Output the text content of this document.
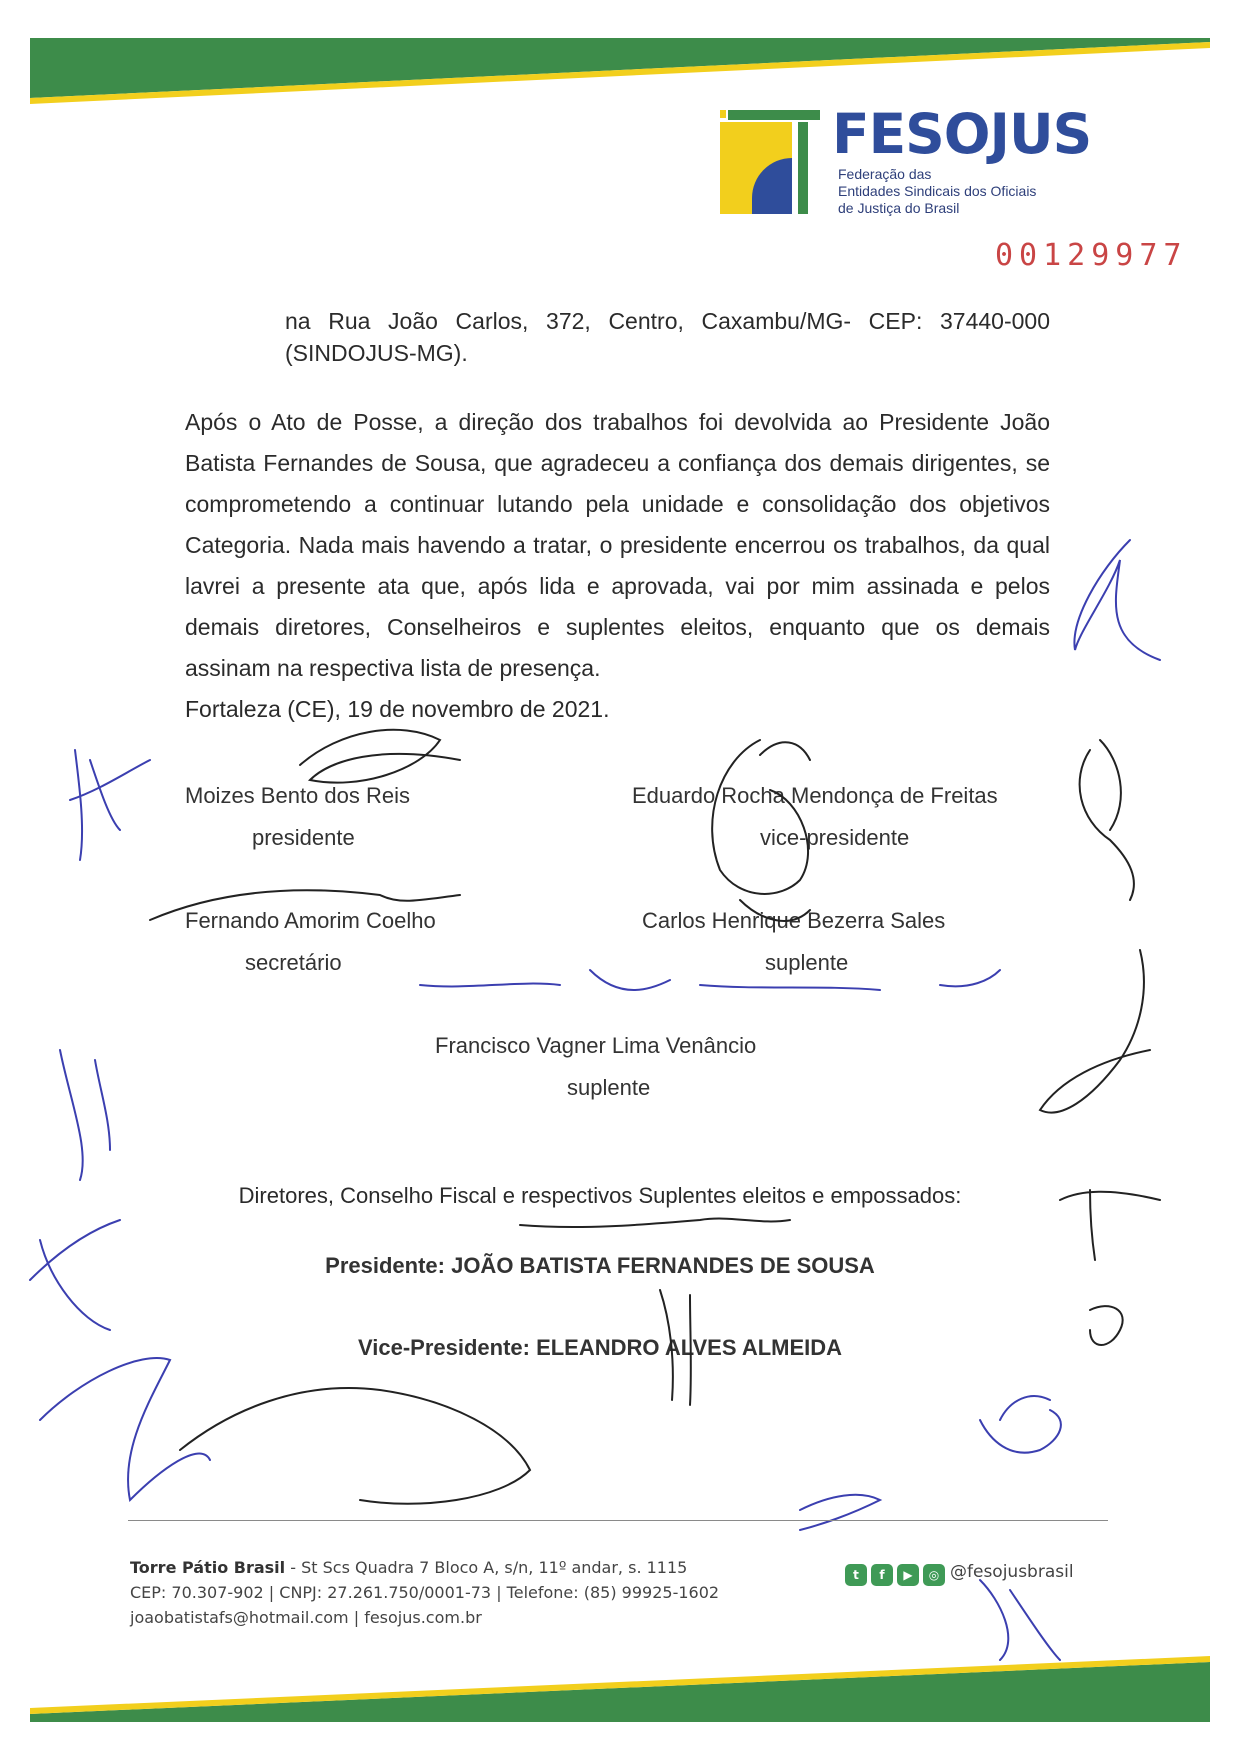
FESOJUS
Federação das
Entidades Sindicais dos Oficiais
de Justiça do Brasil
00129977
na Rua João Carlos, 372, Centro, Caxambu/MG- CEP: 37440-000 (SINDOJUS-MG).
Após o Ato de Posse, a direção dos trabalhos foi devolvida ao Presidente João Batista Fernandes de Sousa, que agradeceu a confiança dos demais dirigentes, se comprometendo a continuar lutando pela unidade e consolidação dos objetivos Categoria. Nada mais havendo a tratar, o presidente encerrou os trabalhos, da qual lavrei a presente ata que, após lida e aprovada, vai por mim assinada e pelos demais diretores, Conselheiros e suplentes eleitos, enquanto que os demais assinam na respectiva lista de presença.
Fortaleza (CE), 19 de novembro de 2021.
Moizes Bento dos Reis
presidente
Eduardo Rocha Mendonça de Freitas
vice-presidente
Fernando Amorim Coelho
secretário
Carlos Henrique Bezerra Sales
suplente
Francisco Vagner Lima Venâncio
suplente
Diretores, Conselho Fiscal e respectivos Suplentes eleitos e empossados:
Presidente: JOÃO BATISTA FERNANDES DE SOUSA
Vice-Presidente: ELEANDRO ALVES ALMEIDA
Torre Pátio Brasil - St Scs Quadra 7 Bloco A, s/n, 11º andar, s. 1115
CEP: 70.307-902 | CNPJ: 27.261.750/0001-73 | Telefone: (85) 99925-1602
joaobatistafs@hotmail.com | fesojus.com.br
t	f	▶	◎ @fesojusbrasil
